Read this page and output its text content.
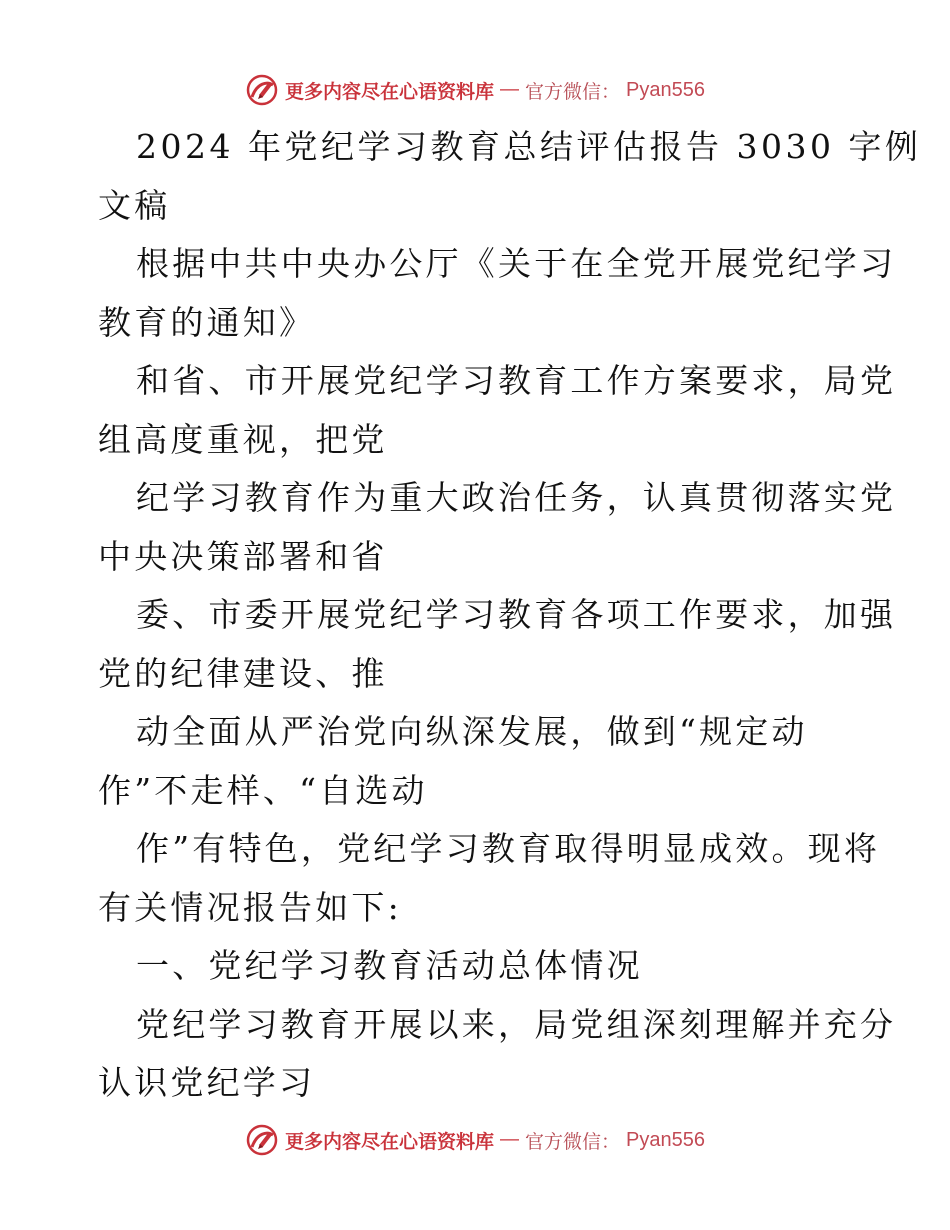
更多内容尽在心语资料库 — 官方微信： Pyan556
2024 年党纪学习教育总结评估报告 3030 字例
文稿
根据中共中央办公厅《关于在全党开展党纪学习
教育的通知》
和省、市开展党纪学习教育工作方案要求，局党
组高度重视，把党
纪学习教育作为重大政治任务，认真贯彻落实党
中央决策部署和省
委、市委开展党纪学习教育各项工作要求，加强
党的纪律建设、推
动全面从严治党向纵深发展，做到“规定动
作”不走样、“自选动
作”有特色，党纪学习教育取得明显成效。现将
有关情况报告如下:
一、党纪学习教育活动总体情况
党纪学习教育开展以来，局党组深刻理解并充分
认识党纪学习
更多内容尽在心语资料库 — 官方微信： Pyan556
